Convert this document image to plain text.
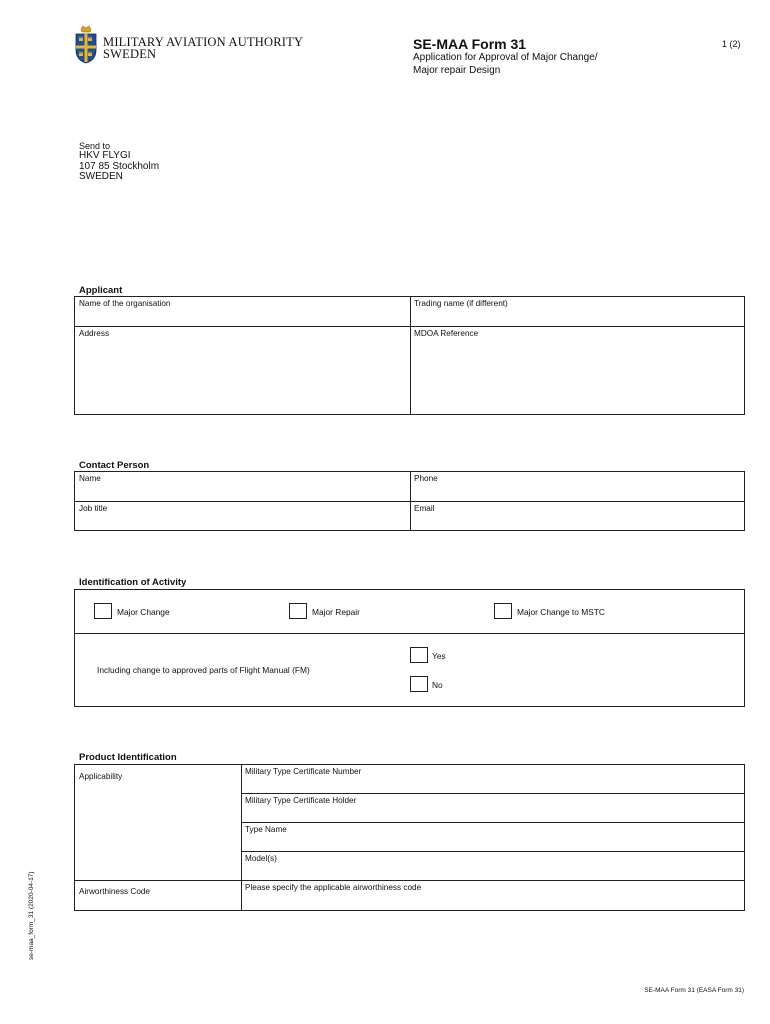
MILITARY AVIATION AUTHORITY
SWEDEN
SE-MAA Form 31	1 (2)
Application for Approval of Major Change/
Major repair Design
Send to
HKV FLYGI
107 85 Stockholm
SWEDEN
Applicant
Name of the organisation	Trading name (if different)
Address	MDOA Reference
Contact Person
Name	Phone
Job title	Email
Identification of Activity
Major Change	Major Repair	Major Change to MSTC
Including change to approved parts of Flight Manual (FM)
Yes
No
Product Identification
Applicability
Military Type Certificate Number
Military Type Certificate Holder
Type Name
Model(s)
Airworthiness Code	Please specify the applicable airworthiness code
se-maa_form_31 (2020-04-17)
SE-MAA Form 31 (EASA Form 31)
